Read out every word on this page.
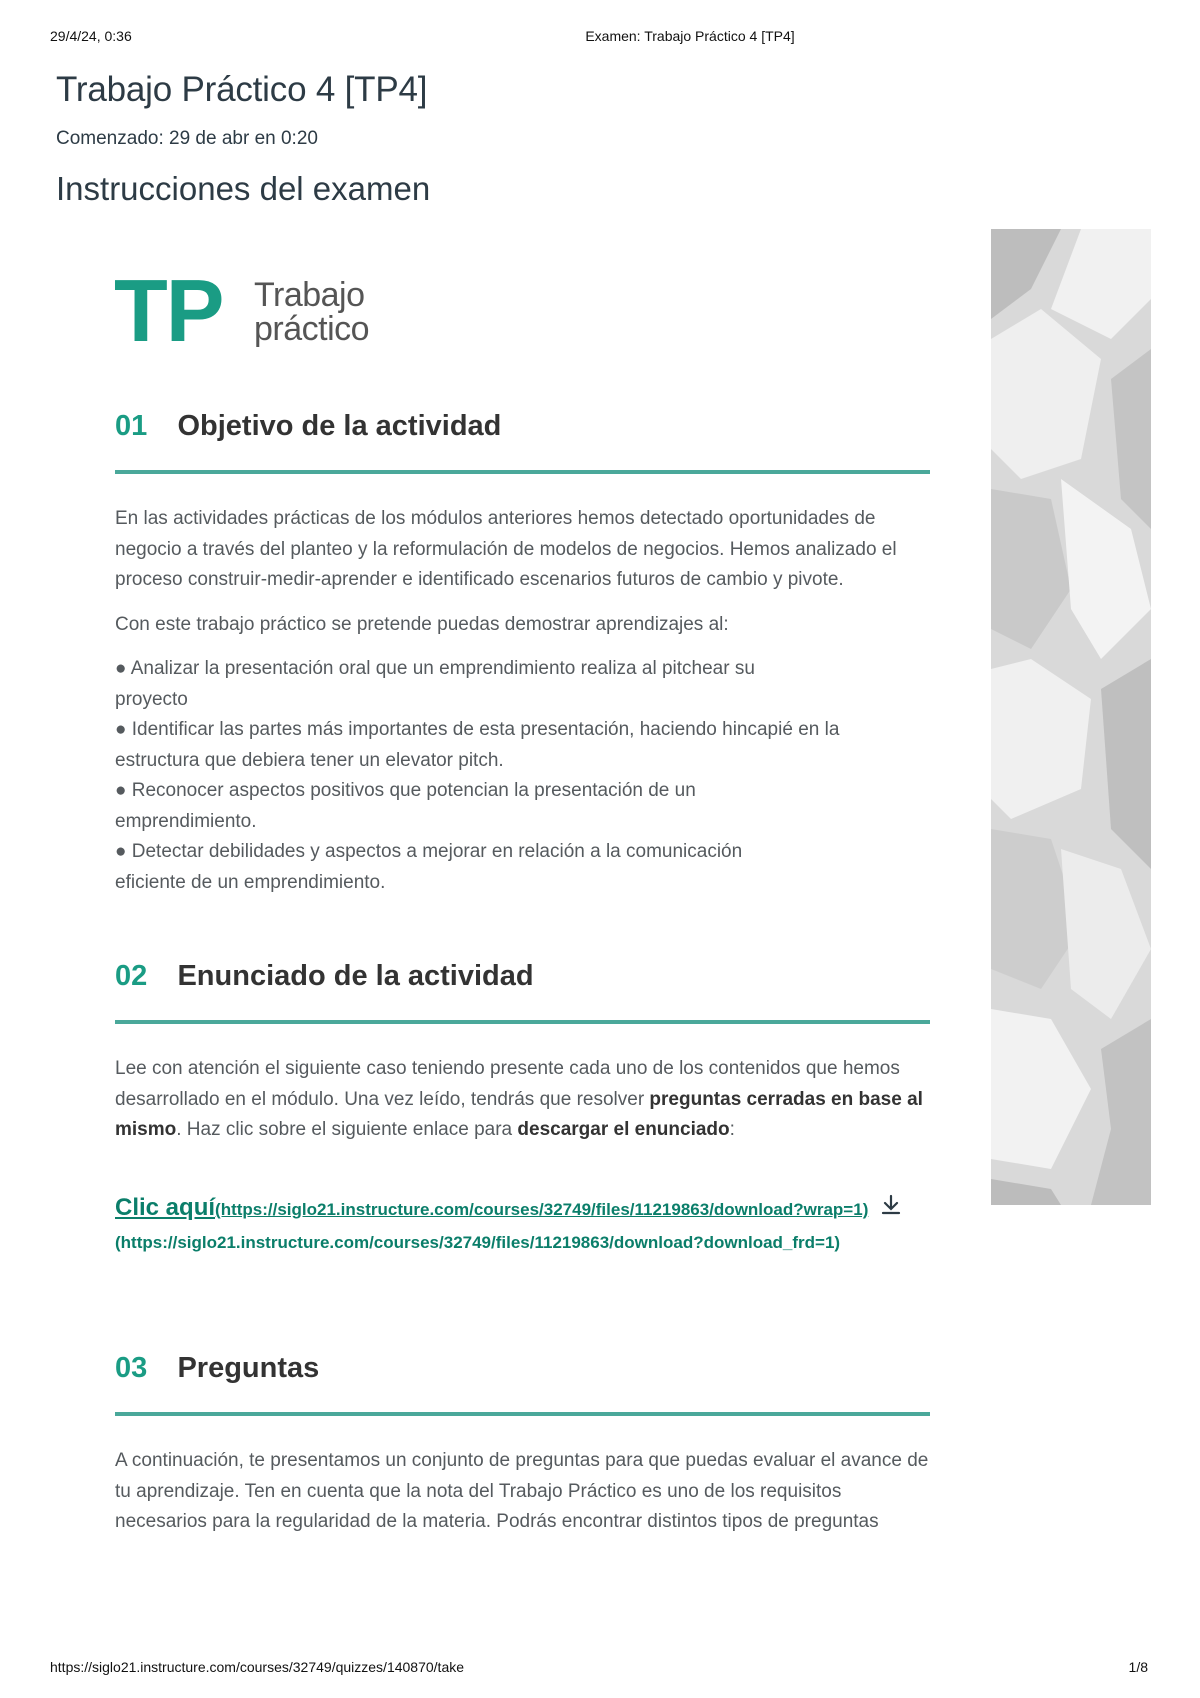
29/4/24, 0:36	Examen: Trabajo Práctico 4 [TP4]
Trabajo Práctico 4 [TP4]
Comenzado: 29 de abr en 0:20
Instrucciones del examen
TP Trabajo
práctico
01 Objetivo de la actividad

En las actividades prácticas de los módulos anteriores hemos detectado oportunidades de negocio a través del planteo y la reformulación de modelos de negocios. Hemos analizado el proceso construir-medir-aprender e identificado escenarios futuros de cambio y pivote.

Con este trabajo práctico se pretende puedas demostrar aprendizajes al:

● Analizar la presentación oral que un emprendimiento realiza al pitchear su proyecto
● Identificar las partes más importantes de esta presentación, haciendo hincapié en la estructura que debiera tener un elevator pitch.
● Reconocer aspectos positivos que potencian la presentación de un emprendimiento.
● Detectar debilidades y aspectos a mejorar en relación a la comunicación eficiente de un emprendimiento.
02 Enunciado de la actividad

Lee con atención el siguiente caso teniendo presente cada uno de los contenidos que hemos desarrollado en el módulo. Una vez leído, tendrás que resolver preguntas cerradas en base al mismo. Haz clic sobre el siguiente enlace para descargar el enunciado:

Clic aquí(https://siglo21.instructure.com/courses/32749/files/11219863/download?wrap=1)(https://siglo21.instructure.com/courses/32749/files/11219863/download?download_frd=1)
03 Preguntas

A continuación, te presentamos un conjunto de preguntas para que puedas evaluar el avance de tu aprendizaje. Ten en cuenta que la nota del Trabajo Práctico es uno de los requisitos necesarios para la regularidad de la materia. Podrás encontrar distintos tipos de preguntas

https://siglo21.instructure.com/courses/32749/quizzes/140870/take	1/8
